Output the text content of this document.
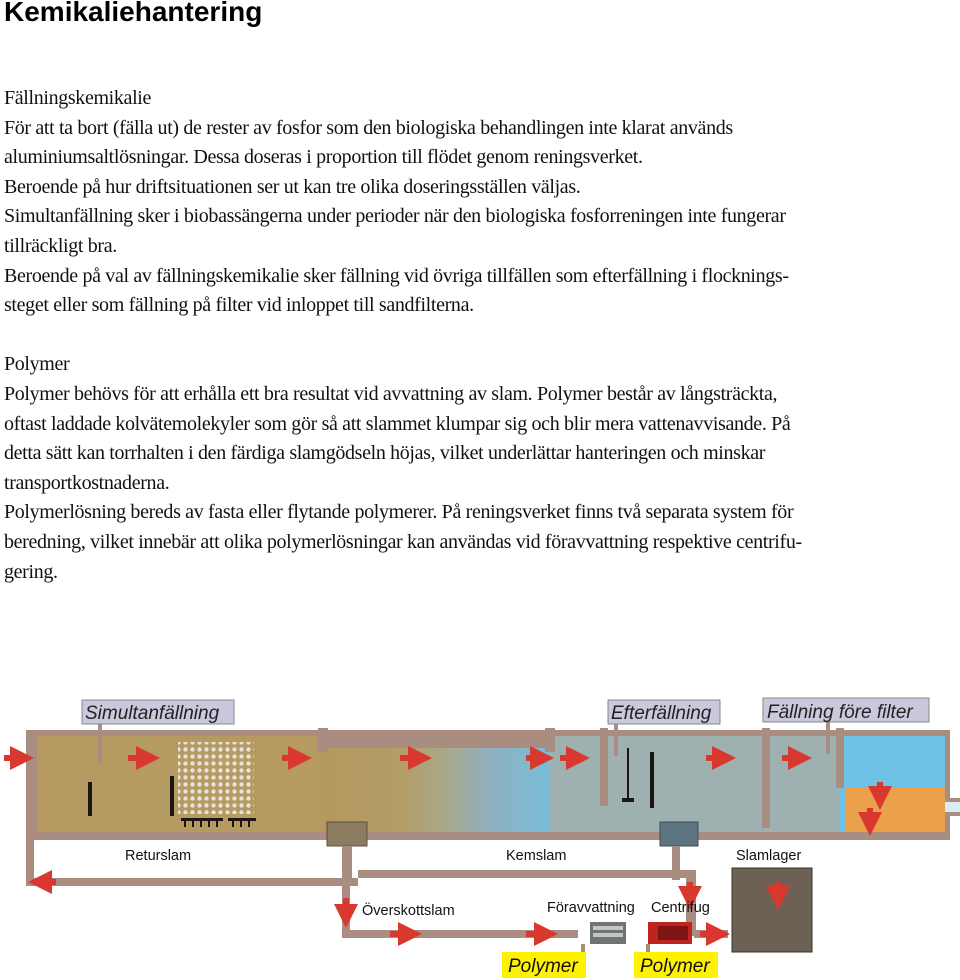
Kemikaliehantering

Fällningskemikalie

För att ta bort (fälla ut) de rester av fosfor som den biologiska behandlingen inte klarat används

aluminiumsaltlösningar. Dessa doseras i proportion till flödet genom reningsverket.

Beroende på hur driftsituationen ser ut kan tre olika doseringsställen väljas.

Simultanfällning sker i biobassängerna under perioder när den biologiska fosforreningen inte fungerar

tillräckligt bra.

Beroende på val av fällningskemikalie sker fällning vid övriga tillfällen som efterfällning i flocknings-

steget eller som fällning på filter vid inloppet till sandfilterna.

Polymer

Polymer behövs för att erhålla ett bra resultat vid avvattning av slam. Polymer består av långsträckta,

oftast laddade kolvätemolekyler som gör så att slammet klumpar sig och blir mera vattenavvisande. På

detta sätt kan torrhalten i den färdiga slamgödseln höjas, vilket underlättar hanteringen och minskar

transportkostnaderna.

Polymerlösning bereds av fasta eller flytande polymerer. På reningsverket finns två separata system för

beredning, vilket innebär att olika polymerlösningar kan användas vid föravvattning respektive centrifu-

gering.

Simultanfällning	Efterfällning	Fällning före filter
Returslam	Kemslam	Slamlager
Överskottslam	Föravvattning Centrifug
Polymer	Polymer
